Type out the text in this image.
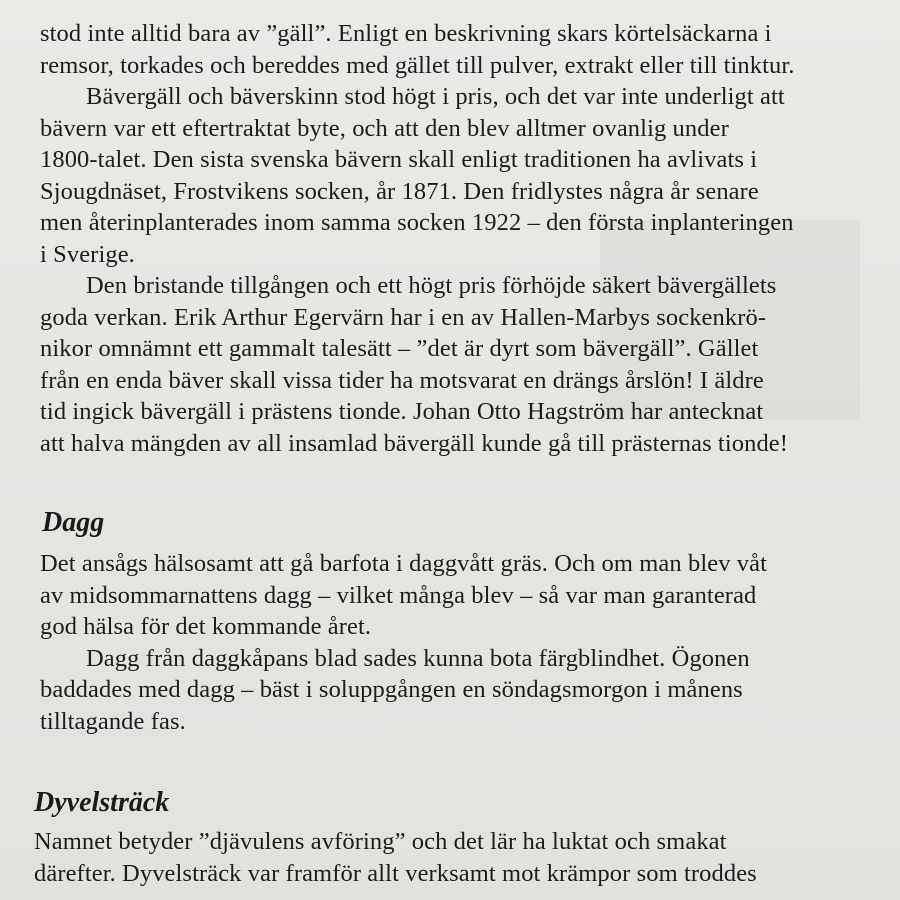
stod inte alltid bara av ”gäll”. Enligt en beskrivning skars körtelsäckarna i
remsor, torkades och bereddes med gället till pulver, extrakt eller till tinktur.
Bävergäll och bäverskinn stod högt i pris, och det var inte underligt att
bävern var ett eftertraktat byte, och att den blev alltmer ovanlig under
1800-talet. Den sista svenska bävern skall enligt traditionen ha avlivats i
Sjougdnäset, Frostvikens socken, år 1871. Den fridlystes några år senare
men återinplanterades inom samma socken 1922 – den första inplanteringen
i Sverige.
Den bristande tillgången och ett högt pris förhöjde säkert bävergällets
goda verkan. Erik Arthur Egervärn har i en av Hallen-Marbys sockenkrö-
nikor omnämnt ett gammalt talesätt – ”det är dyrt som bävergäll”. Gället
från en enda bäver skall vissa tider ha motsvarat en drängs årslön! I äldre
tid ingick bävergäll i prästens tionde. Johan Otto Hagström har antecknat
att halva mängden av all insamlad bävergäll kunde gå till prästernas tionde!
Dagg
Det ansågs hälsosamt att gå barfota i daggvått gräs. Och om man blev våt
av midsommarnattens dagg – vilket många blev – så var man garanterad
god hälsa för det kommande året.
Dagg från daggkåpans blad sades kunna bota färgblindhet. Ögonen
baddades med dagg – bäst i soluppgången en söndagsmorgon i månens
tilltagande fas.
Dyvelsträck
Namnet betyder ”djävulens avföring” och det lär ha luktat och smakat
därefter. Dyvelsträck var framför allt verksamt mot krämpor som troddes
